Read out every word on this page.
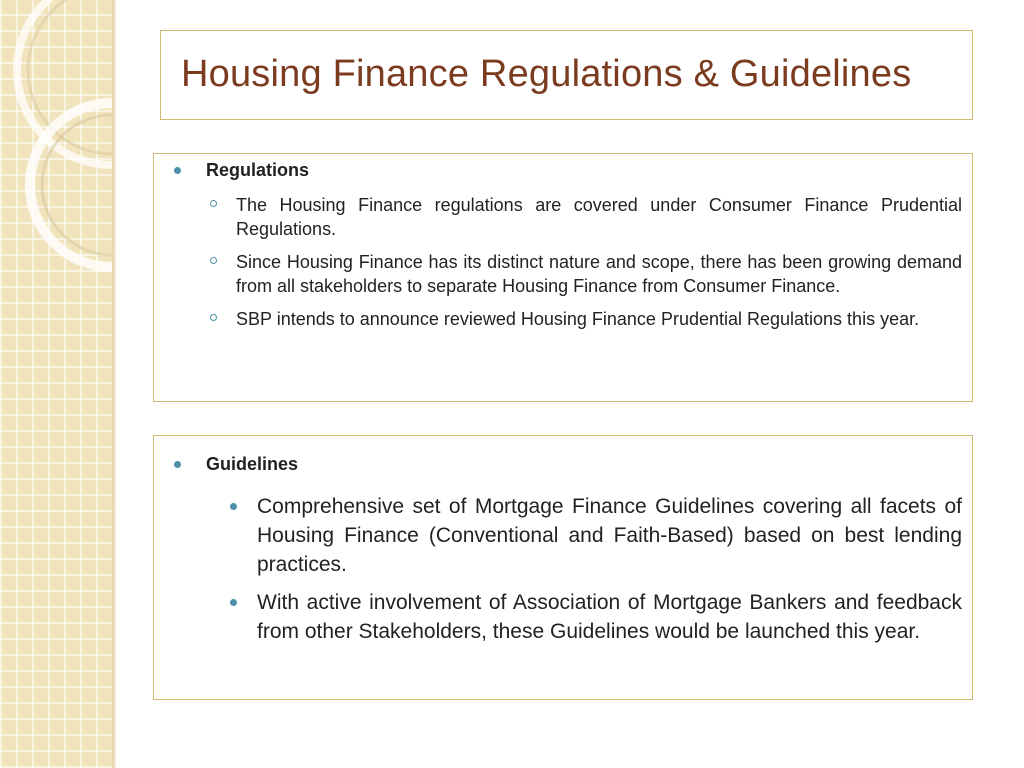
Housing Finance Regulations & Guidelines
Regulations
The Housing Finance regulations are covered under Consumer Finance Prudential Regulations.
Since Housing Finance has its distinct nature and scope, there has been growing demand from all stakeholders to separate Housing Finance from Consumer Finance.
SBP intends to announce reviewed Housing Finance Prudential Regulations this year.
Guidelines
Comprehensive set of Mortgage Finance Guidelines covering all facets of Housing Finance (Conventional and Faith-Based) based on best lending practices.
With active involvement of Association of Mortgage Bankers and feedback from other Stakeholders, these Guidelines would be launched this year.
